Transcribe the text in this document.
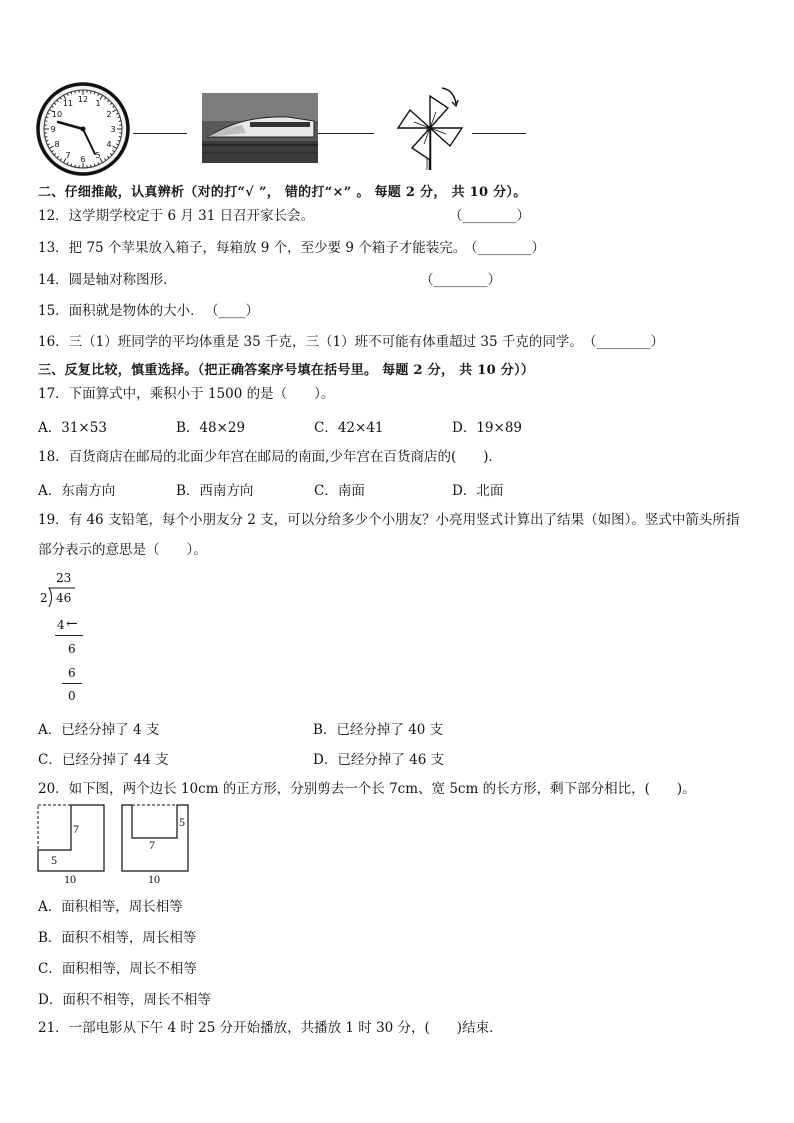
12 1
2
3
4
5
6
7
8
9
10
11
二、仔细推敲，认真辨析（对的打“√ ”， 错的打“×” 。 每题 2 分， 共 10 分）。
12．这学期学校定于 6 月 31 日召开家长会。	（________）
13．把 75 个苹果放入箱子，每箱放 9 个，至少要 9 个箱子才能装完。
（________）
14．圆是轴对称图形．	（________）
15．面积就是物体的大小． （____）
16．三（1）班同学的平均体重是 35 千克，三（1）班不可能有体重超过 35 千克的同学。 （________）
三、反复比较，慎重选择。（把正确答案序号填在括号里。 每题 2 分， 共 10 分））
17．下面算式中，乘积小于 1500 的是（　　）。
A．31×53	B．48×29	C．42×41	D．19×89
18．百货商店在邮局的北面少年宫在邮局的南面,少年宫在百货商店的(　　)．
A．东南方向	B．西南方向	C．南面	D．北面
19．有 46 支铅笔，每个小朋友分 2 支，可以分给多少个小朋友？小亮用竖式计算出了结果（如图）。竖式中箭头所指
部分表示的意思是（　　）。
23
2 46
4 ←
6
6
0
A．已经分掉了 4 支	B．已经分掉了 40 支
C．已经分掉了 44 支	D．已经分掉了 46 支
20．如下图，两个边长 10cm 的正方形，分别剪去一个长 7cm、宽 5cm 的长方形，剩下部分相比，(　　)。
7
5
10
5
7
10
A．面积相等，周长相等
B．面积不相等，周长相等
C．面积相等，周长不相等
D．面积不相等，周长不相等
21．一部电影从下午 4 时 25 分开始播放，共播放 1 时 30 分，(　　)结束．
